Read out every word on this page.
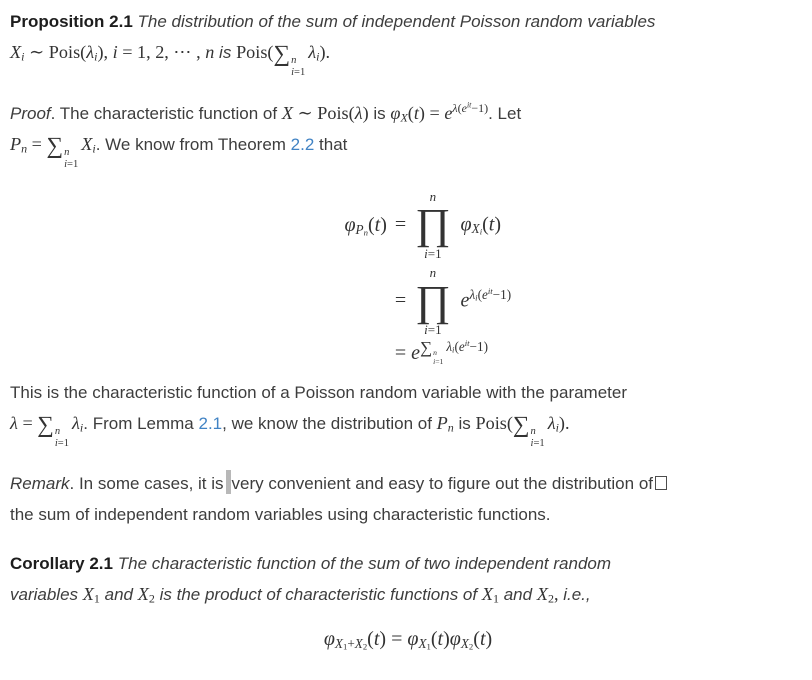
Proposition 2.1 The distribution of the sum of independent Poisson random variables
$X_i$ ∼ $Pois(\lambda_i)$, i = 1, 2, ⋯ , n is Pois(∑ n
i=1
$\lambda_i$).

Proof. The characteristic function of X ∼ Pois(λ) is $\varphi_X(t) = e^{\lambda(e^{it}-1)}$. Let
$P_n$ = ∑ n
i=1
$X_i$. We know from Theorem 2.2 that

$\varphi_{P_n}(t)$ =
n
∏
i=1
$\varphi_{X_i}(t)$
=
n
∏
i=1
$e^{\lambda_i(e^{it}-1)}$
= $e^{\sum n i=1 \lambda_i(e^{it}-1)}$

This is the characteristic function of a Poisson random variable with the parameter
λ = ∑ n
i=1
$\lambda_i$. From Lemma 2.1, we know the distribution of $P_n$ is Pois(∑ n
i=1
$\lambda_i$).

Remark. In some cases, it is very convenient and easy to figure out the distribution of
the sum of independent random variables using characteristic functions.

Corollary 2.1 The characteristic function of the sum of two independent random
variables $X_1$ and $X_2$ is the product of characteristic functions of $X_1$ and $X_2$, i.e.,

$\varphi_{X_1+X_2}(t) = \varphi_{X_1}(t)\varphi_{X_2}(t)$
